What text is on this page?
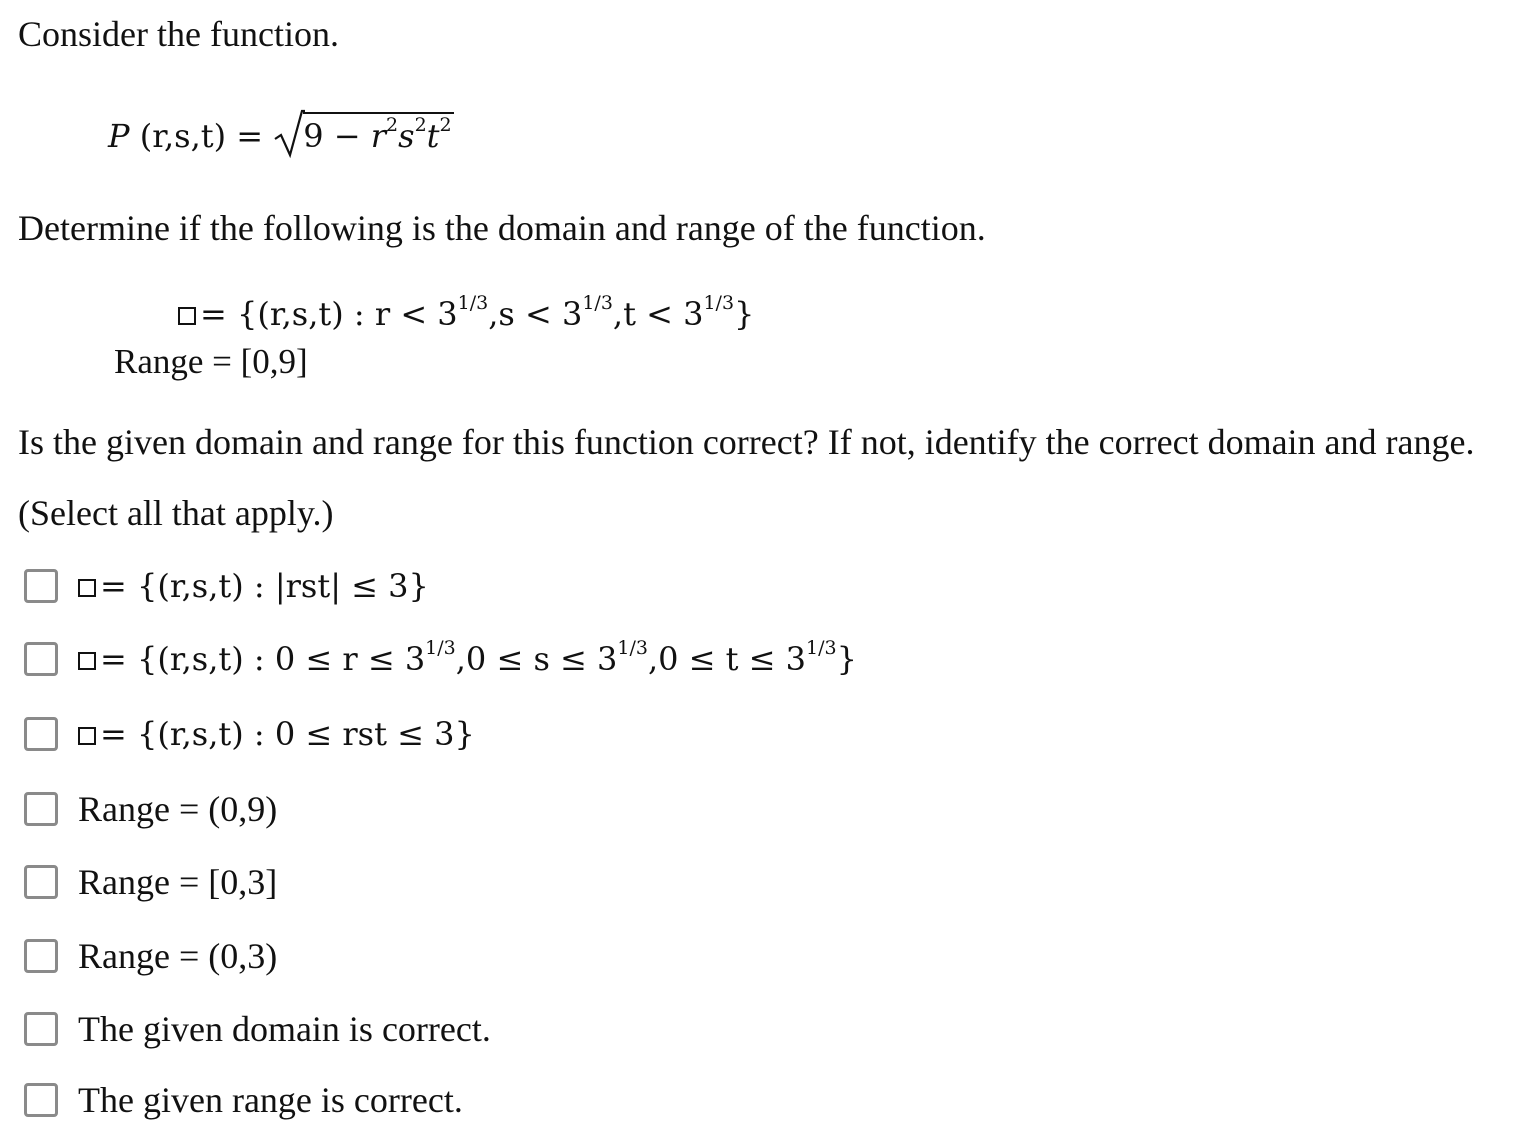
Consider the function.
P $(r,s,t) = 9 - r^2s^2t^2$
Determine if the following is the domain and range of the function.
= {(r,s,t) : $r < 3^{1/3},s < 3^{1/3},t < 3^{1/3}$}
Range = [0,9]
Is the given domain and range for this function correct? If not, identify the correct domain and range.
(Select all that apply.)
= {(r,s,t) : |rst| ≤ 3}
= {(r,s,t) : $0 \le r \le 3^{1/3},0 \le s \le 3^{1/3},0 \le t \le 3^{1/3}$}
= {(r,s,t) : 0 ≤ rst ≤ 3}
Range = (0,9)
Range = [0,3]
Range = (0,3)
The given domain is correct.
The given range is correct.
